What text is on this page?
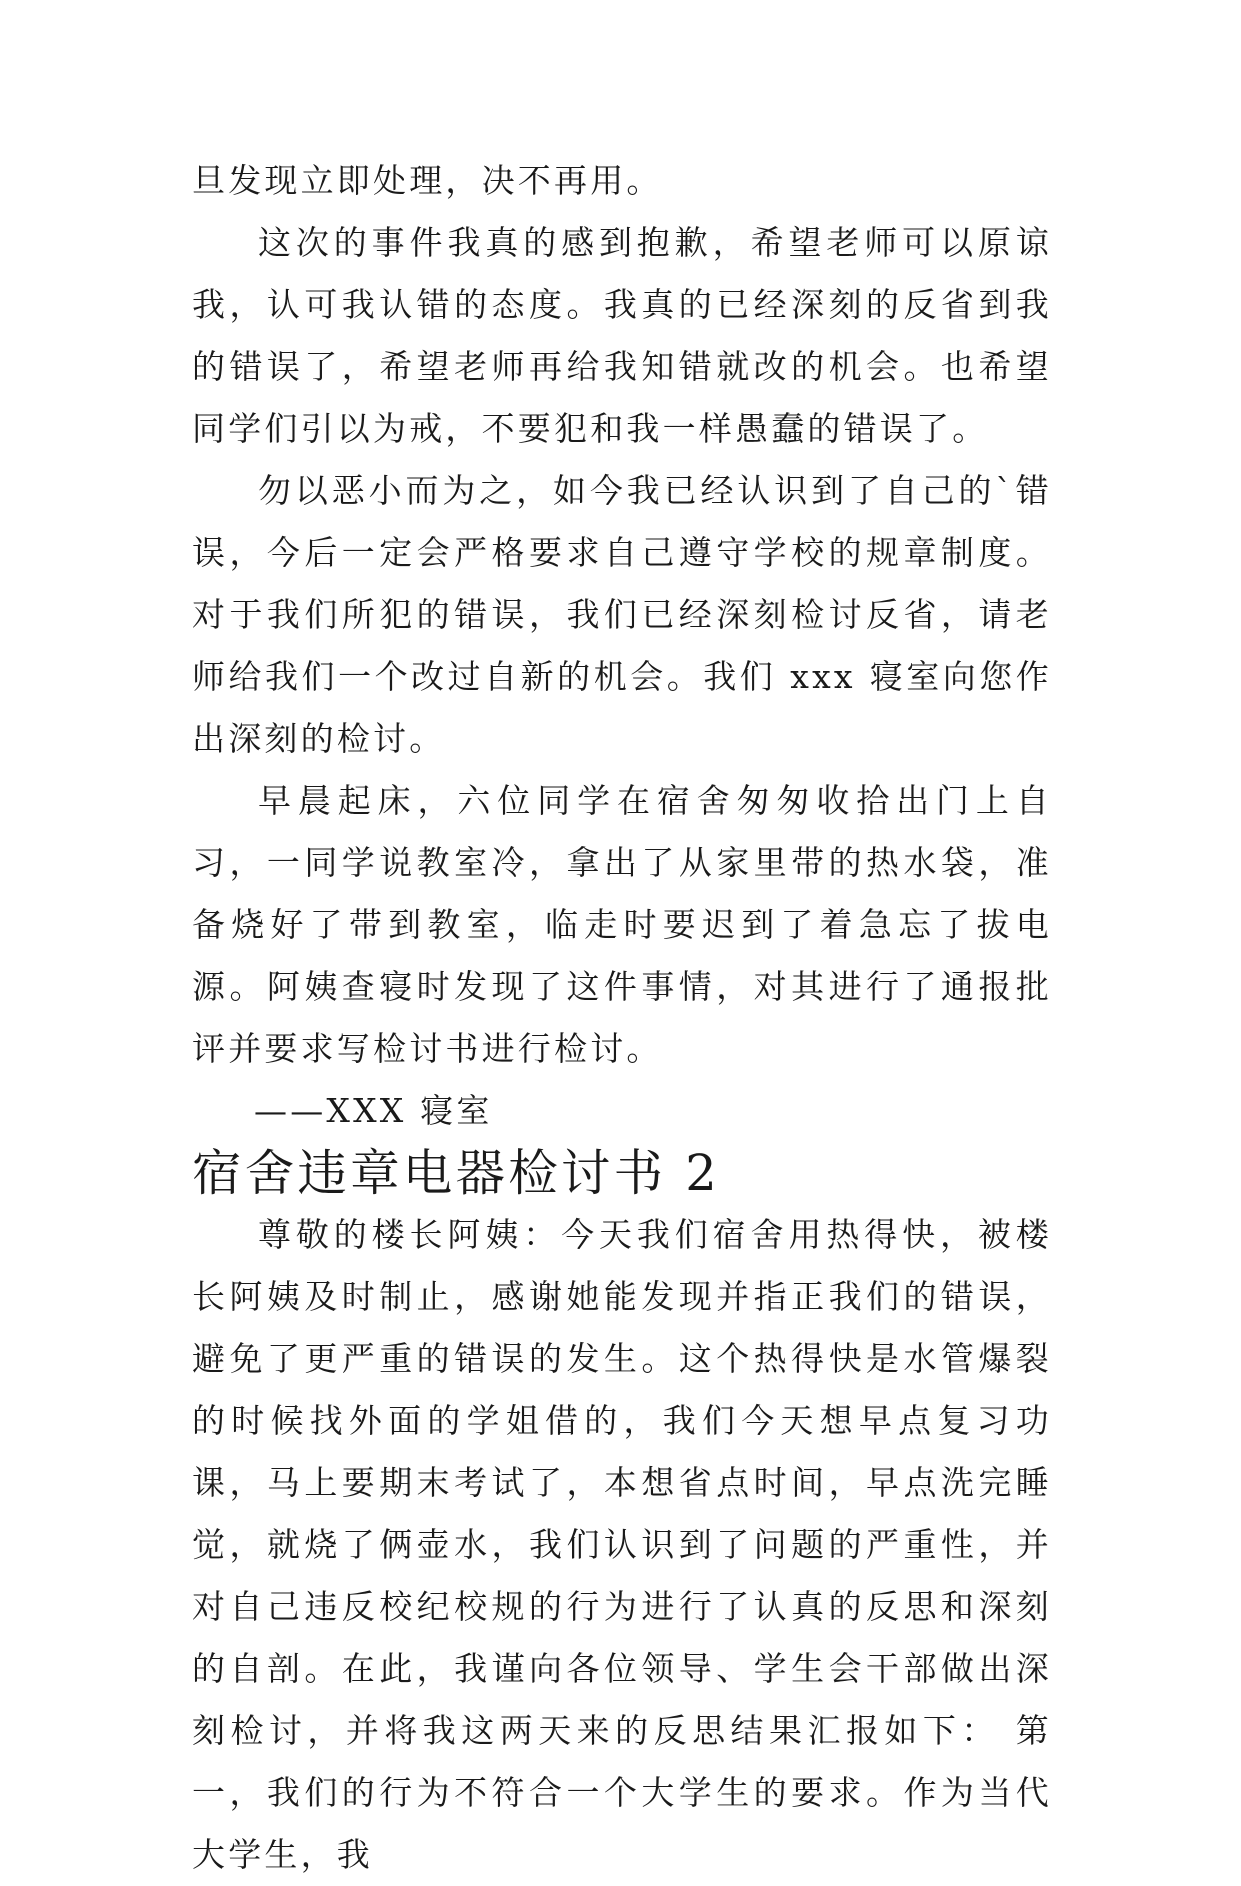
旦发现立即处理，决不再用。

这次的事件我真的感到抱歉，希望老师可以原谅我，认可我认错的态度。我真的已经深刻的反省到我的错误了，希望老师再给我知错就改的机会。也希望同学们引以为戒，不要犯和我一样愚蠢的错误了。

勿以恶小而为之，如今我已经认识到了自己的`错误，今后一定会严格要求自己遵守学校的规章制度。对于我们所犯的错误，我们已经深刻检讨反省，请老师给我们一个改过自新的机会。我们 xxx 寝室向您作出深刻的检讨。

早晨起床，六位同学在宿舍匆匆收拾出门上自习，一同学说教室冷，拿出了从家里带的热水袋，准备烧好了带到教室，临走时要迟到了着急忘了拔电源。阿姨查寝时发现了这件事情，对其进行了通报批评并要求写检讨书进行检讨。

——XXX 寝室

宿舍违章电器检讨书 2

尊敬的楼长阿姨：今天我们宿舍用热得快，被楼长阿姨及时制止，感谢她能发现并指正我们的错误，避免了更严重的错误的发生。这个热得快是水管爆裂的时候找外面的学姐借的，我们今天想早点复习功课，马上要期末考试了，本想省点时间，早点洗完睡觉，就烧了俩壶水，我们认识到了问题的严重性，并对自己违反校纪校规的行为进行了认真的反思和深刻的自剖。在此，我谨向各位领导、学生会干部做出深刻检讨，并将我这两天来的反思结果汇报如下： 第一，我们的行为不符合一个大学生的要求。作为当代大学生，我
